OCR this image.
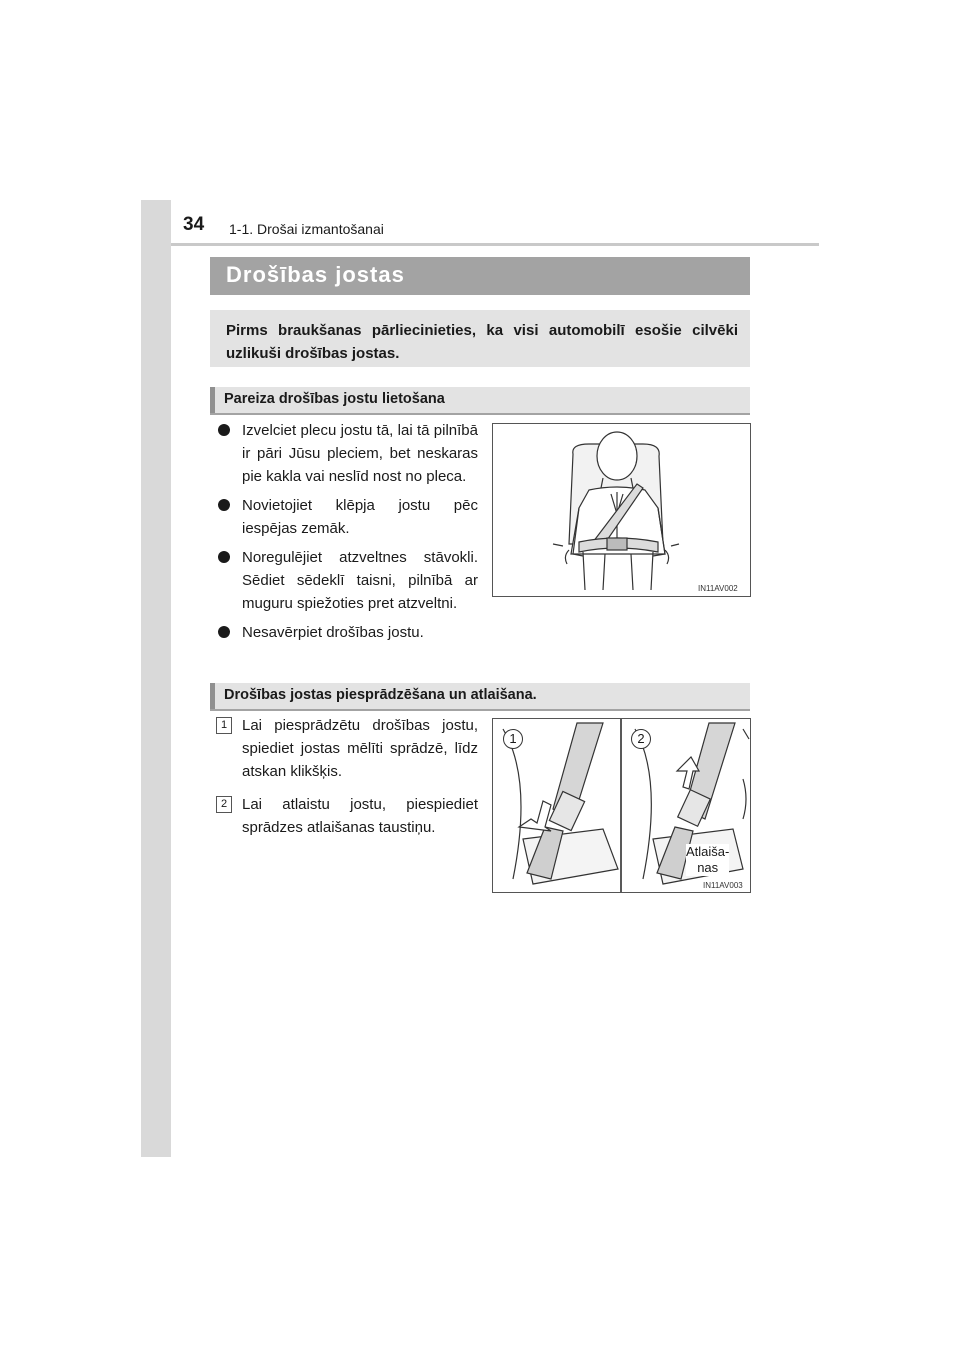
34 1-1. Drošai izmantošanai
Drošības jostas
Pirms braukšanas pārliecinieties, ka visi automobilī esošie cilvēki uzlikuši drošības jostas.
Pareiza drošības jostu lietošana
Izvelciet plecu jostu tā, lai tā pilnībā ir pāri Jūsu pleciem, bet neskaras pie kakla vai neslīd nost no pleca.
Novietojiet klēpja jostu pēc iespējas zemāk.
Noregulējiet atzveltnes stāvokli. Sēdiet sēdeklī taisni, pilnībā ar muguru spiežoties pret atzveltni.
Nesavērpiet drošības jostu.
IN11AV002
Drošības jostas piesprādzēšana un atlaišana.
1 Lai piesprādzētu drošības jostu, spiediet jostas mēlīti sprādzē, līdz atskan klikšķis.
2 Lai atlaistu jostu, piespiediet sprādzes atlaišanas taustiņu.
1	2
Atlaiša-
nas
IN11AV003
